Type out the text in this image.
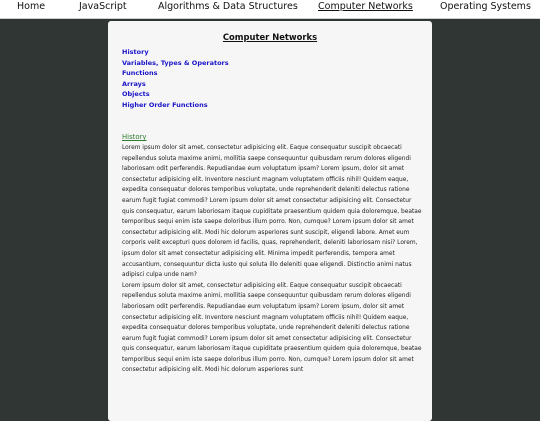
Home	JavaScript	Algorithms & Data Structures Computer Networks	Operating Systems
Computer Networks
History
Variables, Types & Operators
Functions
Arrays
Objects
Higher Order Functions
History

Lorem ipsum dolor sit amet, consectetur adipisicing elit. Eaque consequatur suscipit obcaecati repellendus soluta maxime animi, mollitia saepe consequuntur quibusdam rerum dolores eligendi laboriosam odit perferendis. Repudiandae eum voluptatum ipsam? Lorem ipsum, dolor sit amet consectetur adipisicing elit. Inventore nesciunt magnam voluptatem officiis nihil! Quidem eaque, expedita consequatur dolores temporibus voluptate, unde reprehenderit deleniti delectus ratione earum fugit fugiat commodi? Lorem ipsum dolor sit amet consectetur adipisicing elit. Consectetur quis consequatur, earum laboriosam itaque cupiditate praesentium quidem quia doloremque, beatae temporibus sequi enim iste saepe doloribus illum porro. Non, cumque? Lorem ipsum dolor sit amet consectetur adipisicing elit. Modi hic dolorum asperiores sunt suscipit, eligendi labore. Amet eum corporis velit excepturi quos dolorem id facilis, quas, reprehenderit, deleniti laboriosam nisi? Lorem, ipsum dolor sit amet consectetur adipisicing elit. Minima impedit perferendis, tempora amet accusantium, consequuntur dicta iusto qui soluta illo deleniti quae eligendi. Distinctio animi natus adipisci culpa unde nam?

Lorem ipsum dolor sit amet, consectetur adipisicing elit. Eaque consequatur suscipit obcaecati repellendus soluta maxime animi, mollitia saepe consequuntur quibusdam rerum dolores eligendi laboriosam odit perferendis. Repudiandae eum voluptatum ipsam? Lorem ipsum, dolor sit amet consectetur adipisicing elit. Inventore nesciunt magnam voluptatem officiis nihil! Quidem eaque, expedita consequatur dolores temporibus voluptate, unde reprehenderit deleniti delectus ratione earum fugit fugiat commodi? Lorem ipsum dolor sit amet consectetur adipisicing elit. Consectetur quis consequatur, earum laboriosam itaque cupiditate praesentium quidem quia doloremque, beatae temporibus sequi enim iste saepe doloribus illum porro. Non, cumque? Lorem ipsum dolor sit amet consectetur adipisicing elit. Modi hic dolorum asperiores sunt
